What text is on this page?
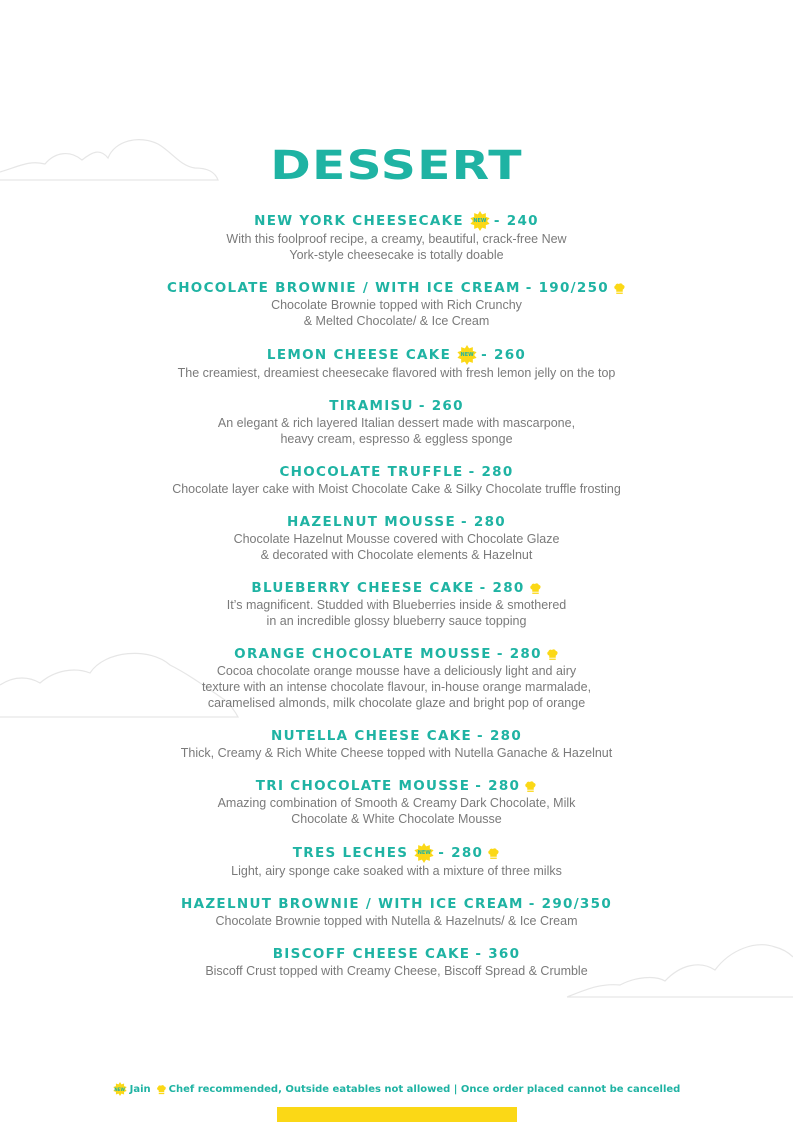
DESSERT
NEW YORK CHEESECAKE NEW - 240
With this foolproof recipe, a creamy, beautiful, crack-free New
York-style cheesecake is totally doable
CHOCOLATE BROWNIE / WITH ICE CREAM - 190/250
Chocolate Brownie topped with Rich Crunchy
& Melted Chocolate/ & Ice Cream
LEMON CHEESE CAKE NEW - 260
The creamiest, dreamiest cheesecake flavored with fresh lemon jelly on the top
TIRAMISU - 260
An elegant & rich layered Italian dessert made with mascarpone,
heavy cream, espresso & eggless sponge
CHOCOLATE TRUFFLE - 280
Chocolate layer cake with Moist Chocolate Cake & Silky Chocolate truffle frosting
HAZELNUT MOUSSE - 280
Chocolate Hazelnut Mousse covered with Chocolate Glaze
& decorated with Chocolate elements & Hazelnut
BLUEBERRY CHEESE CAKE - 280
It’s magnificent. Studded with Blueberries inside & smothered
in an incredible glossy blueberry sauce topping
ORANGE CHOCOLATE MOUSSE - 280
Cocoa chocolate orange mousse have a deliciously light and airy
texture with an intense chocolate flavour, in-house orange marmalade,
caramelised almonds, milk chocolate glaze and bright pop of orange
NUTELLA CHEESE CAKE - 280
Thick, Creamy & Rich White Cheese topped with Nutella Ganache & Hazelnut
TRI CHOCOLATE MOUSSE - 280
Amazing combination of Smooth & Creamy Dark Chocolate, Milk
Chocolate & White Chocolate Mousse
TRES LECHES NEW - 280
Light, airy sponge cake soaked with a mixture of three milks
HAZELNUT BROWNIE / WITH ICE CREAM - 290/350
Chocolate Brownie topped with Nutella & Hazelnuts/ & Ice Cream
BISCOFF CHEESE CAKE - 360
Biscoff Crust topped with Creamy Cheese, Biscoff Spread & Crumble
NEW Jain Chef recommended, Outside eatables not allowed | Once order placed cannot be cancelled
